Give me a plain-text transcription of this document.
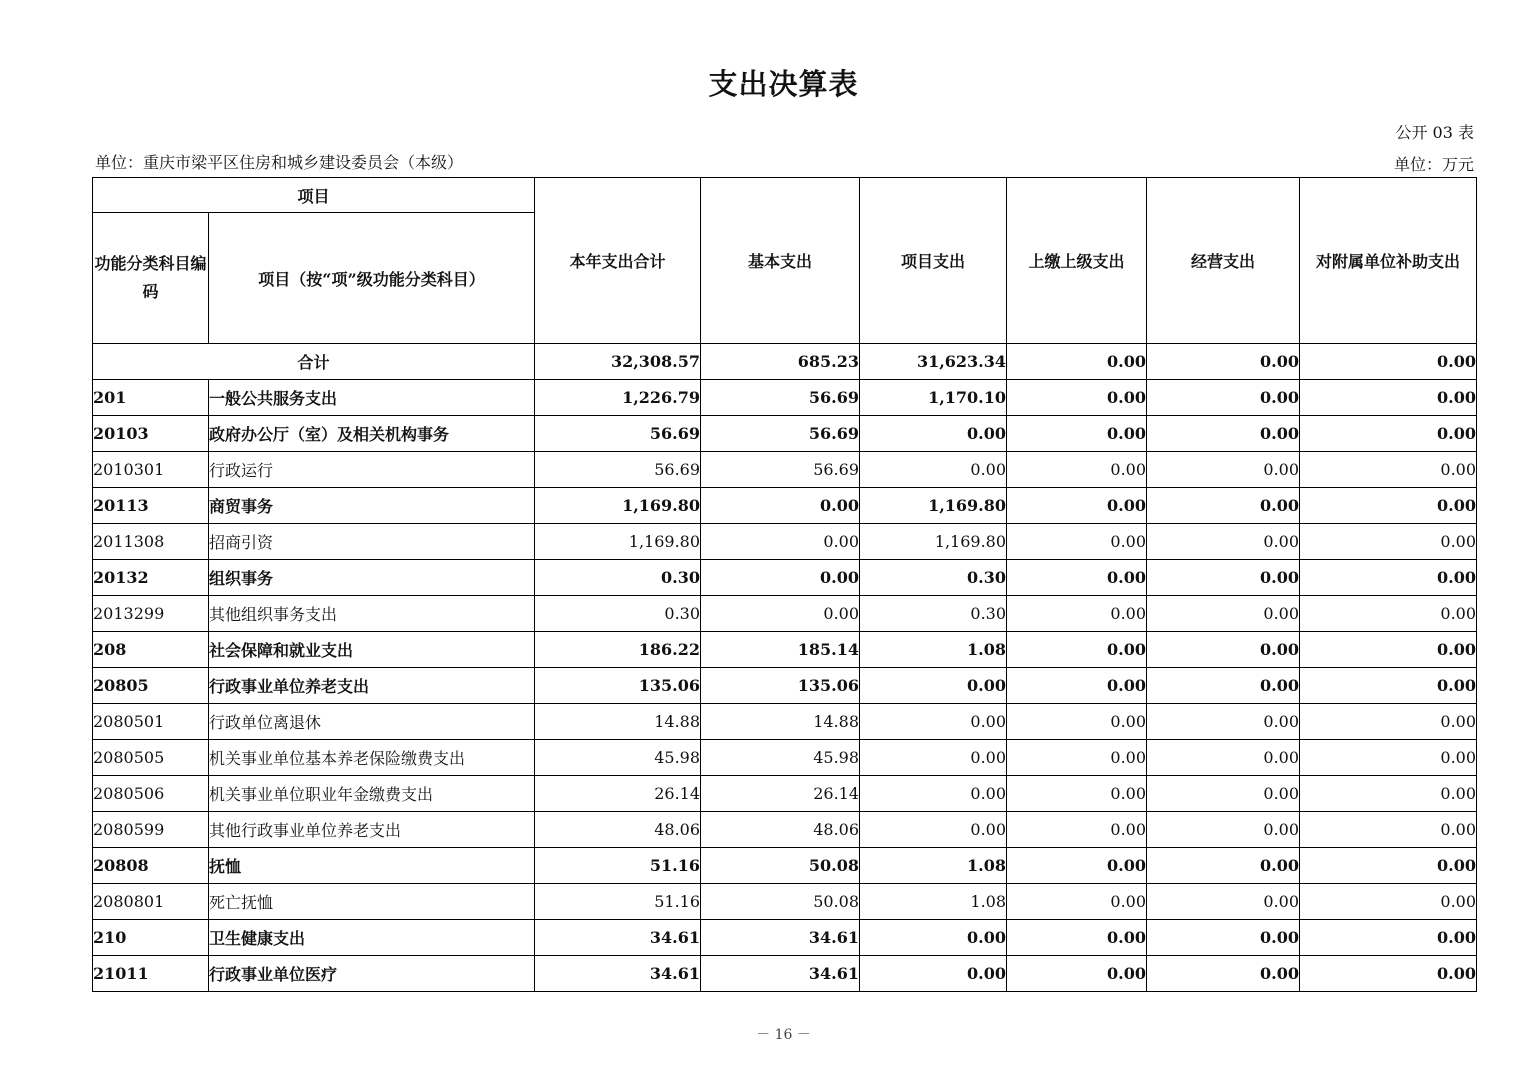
支出决算表
公开 03 表
单位：重庆市梁平区住房和城乡建设委员会（本级）	单位：万元
项目		本年支出合计	基本支出	项目支出	上缴上级支出	经营支出	对附属单位补助支出
功能分类科目编码	项目（按“项”级功能分类科目）						
合计		32,308.57	685.23	31,623.34	0.00	0.00	0.00
201	一般公共服务支出	1,226.79	56.69	1,170.10	0.00	0.00	0.00
20103	政府办公厅（室）及相关机构事务	56.69	56.69	0.00	0.00	0.00	0.00
2010301	行政运行	56.69	56.69	0.00	0.00	0.00	0.00
20113	商贸事务	1,169.80	0.00	1,169.80	0.00	0.00	0.00
2011308	招商引资	1,169.80	0.00	1,169.80	0.00	0.00	0.00
20132	组织事务	0.30	0.00	0.30	0.00	0.00	0.00
2013299	其他组织事务支出	0.30	0.00	0.30	0.00	0.00	0.00
208	社会保障和就业支出	186.22	185.14	1.08	0.00	0.00	0.00
20805	行政事业单位养老支出	135.06	135.06	0.00	0.00	0.00	0.00
2080501	行政单位离退休	14.88	14.88	0.00	0.00	0.00	0.00
2080505	机关事业单位基本养老保险缴费支出	45.98	45.98	0.00	0.00	0.00	0.00
2080506	机关事业单位职业年金缴费支出	26.14	26.14	0.00	0.00	0.00	0.00
2080599	其他行政事业单位养老支出	48.06	48.06	0.00	0.00	0.00	0.00
20808	抚恤	51.16	50.08	1.08	0.00	0.00	0.00
2080801	死亡抚恤	51.16	50.08	1.08	0.00	0.00	0.00
210	卫生健康支出	34.61	34.61	0.00	0.00	0.00	0.00
21011	行政事业单位医疗	34.61	34.61	0.00	0.00	0.00	0.00
－ 16 －
